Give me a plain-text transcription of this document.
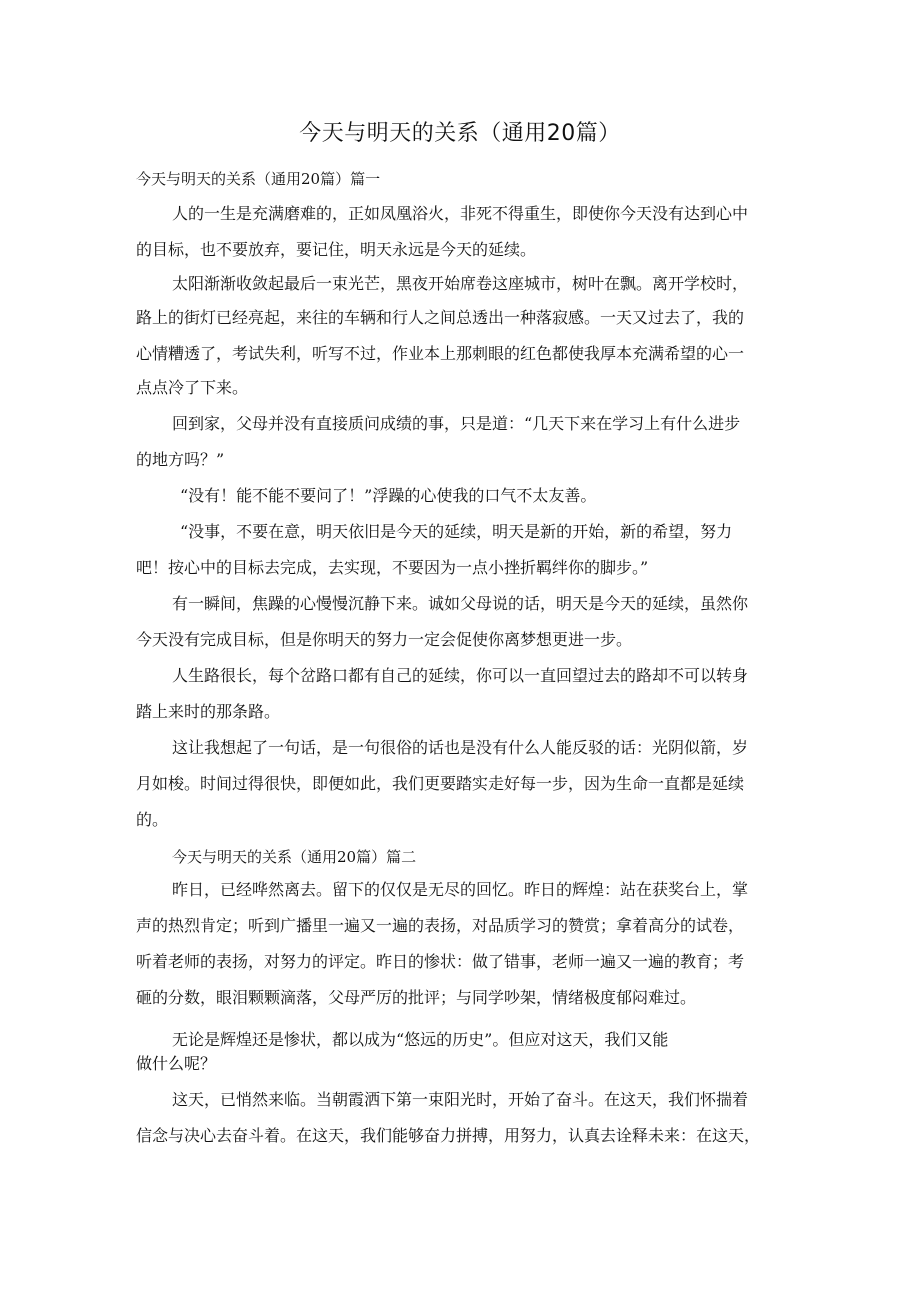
今天与明天的关系（通用20篇）
今天与明天的关系（通用20篇）篇一
人的一生是充满磨难的，正如凤凰浴火，非死不得重生，即使你今天没有达到心中
的目标，也不要放弃，要记住，明天永远是今天的延续。
太阳渐渐收敛起最后一束光芒，黑夜开始席卷这座城市，树叶在飘。离开学校时，
路上的街灯已经亮起，来往的车辆和行人之间总透出一种落寂感。一天又过去了，我的
心情糟透了，考试失利，听写不过，作业本上那刺眼的红色都使我厚本充满希望的心一
点点冷了下来。
回到家，父母并没有直接质问成绩的事，只是道：“几天下来在学习上有什么进步
的地方吗？”
“没有！能不能不要问了！”浮躁的心使我的口气不太友善。
“没事，不要在意，明天依旧是今天的延续，明天是新的开始，新的希望，努力
吧！按心中的目标去完成，去实现，不要因为一点小挫折羁绊你的脚步。”
有一瞬间，焦躁的心慢慢沉静下来。诚如父母说的话，明天是今天的延续，虽然你
今天没有完成目标，但是你明天的努力一定会促使你离梦想更进一步。
人生路很长，每个岔路口都有自己的延续，你可以一直回望过去的路却不可以转身
踏上来时的那条路。
这让我想起了一句话，是一句很俗的话也是没有什么人能反驳的话：光阴似箭，岁
月如梭。时间过得很快，即便如此，我们更要踏实走好每一步，因为生命一直都是延续
的。
今天与明天的关系（通用20篇）篇二
昨日，已经哗然离去。留下的仅仅是无尽的回忆。昨日的辉煌：站在获奖台上，掌
声的热烈肯定；听到广播里一遍又一遍的表扬，对品质学习的赞赏；拿着高分的试卷，
听着老师的表扬，对努力的评定。昨日的惨状：做了错事，老师一遍又一遍的教育；考
砸的分数，眼泪颗颗滴落，父母严厉的批评；与同学吵架，情绪极度郁闷难过。
无论是辉煌还是惨状，都以成为“悠远的历史”。但应对这天，我们又能
做什么呢？
这天，已悄然来临。当朝霞洒下第一束阳光时，开始了奋斗。在这天，我们怀揣着
信念与决心去奋斗着。在这天，我们能够奋力拼搏，用努力，认真去诠释未来：在这天，
